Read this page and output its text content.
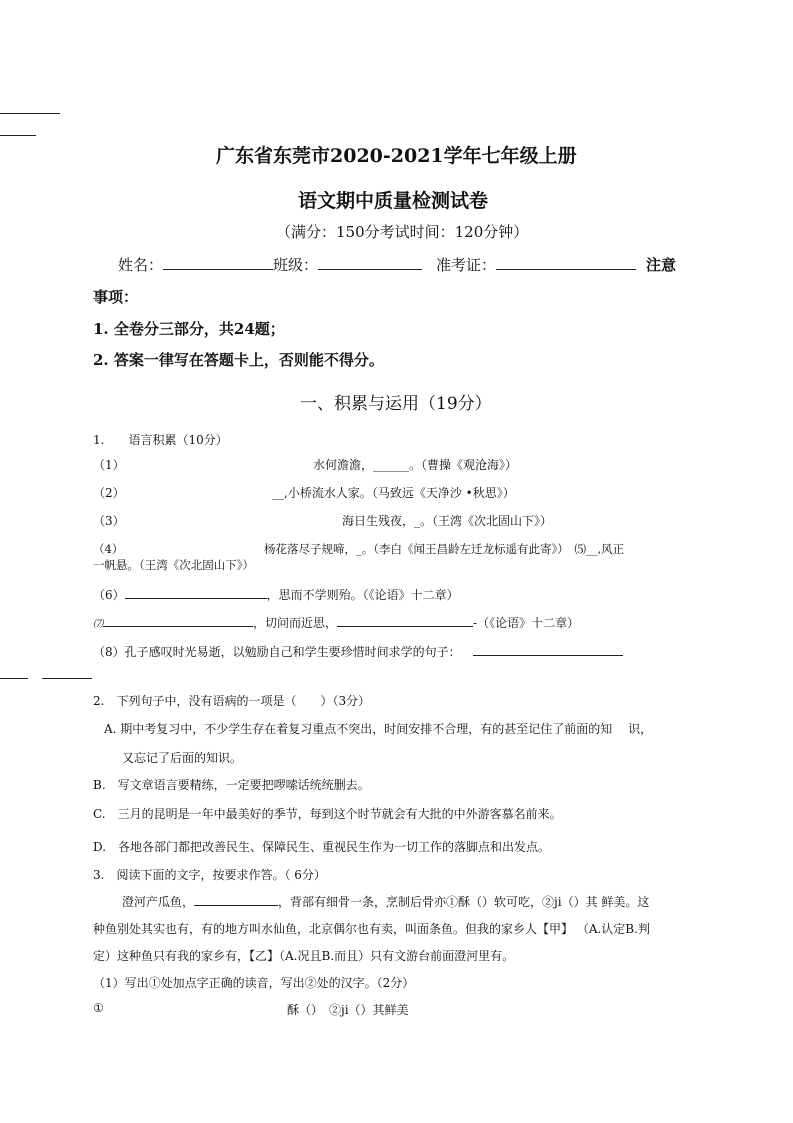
广东省东莞市2020-2021学年七年级上册
语文期中质量检测试卷
（满分：150分考试时间：120分钟）
姓名：	班级：	准考证：	注意
事项：
1. 全卷分三部分，共24题；
2. 答案一律写在答题卡上，否则能不得分。
一、积累与运用（19分）
1.　　语言积累（10分）
（1）	水何澹澹，______。（曹操《观沧海》）
（2）	__,小桥流水人家。（马致远《天净沙 •秋思》）
（3）	海日生残夜，_。（王湾《次北固山下》）
（4）	杨花落尽子规啼，_。（李白《闻王昌龄左迁龙标遥有此寄》）　⑸__,风正
一帆悬。（王湾《次北固山下》）
（6）	，思而不学则殆。（《论语》十二章）
⑺	，切问而近思，	-（《论语》十二章）
（8）孔子感叹时光易逝，以勉励自己和学生要珍惜时间求学的句子：
2.　下列句子中，没有语病的一项是（　　）（3分）
A. 期中考复习中，不少学生存在着复习重点不突出，时间安排不合理，有的甚至记住了前面的知　 识，
又忘记了后面的知识。
B.　写文章语言要精练，一定要把啰嗦话统统删去。
C.　三月的昆明是一年中最美好的季节，每到这个时节就会有大批的中外游客慕名前来。
D.　各地各部门都把改善民生、保障民生、重视民生作为一切工作的落脚点和出发点。
3.　阅读下面的文字，按要求作答。（ 6分）
澄河产瓜鱼，	，背部有细骨一条，烹制后骨亦①酥（）软可吃，②ji（）其 鲜美。这
种鱼别处其实也有，有的地方叫水仙鱼，北京偶尔也有卖，叫面条鱼。但我的家乡人【甲】 （A.认定B.判
定）这种鱼只有我的家乡有，【乙】（A.况且B.而且）只有文游台前面澄河里有。
（1）写出①处加点字正确的读音，写出②处的汉字。（2分）
①	酥（）　②ji（）其鲜美
